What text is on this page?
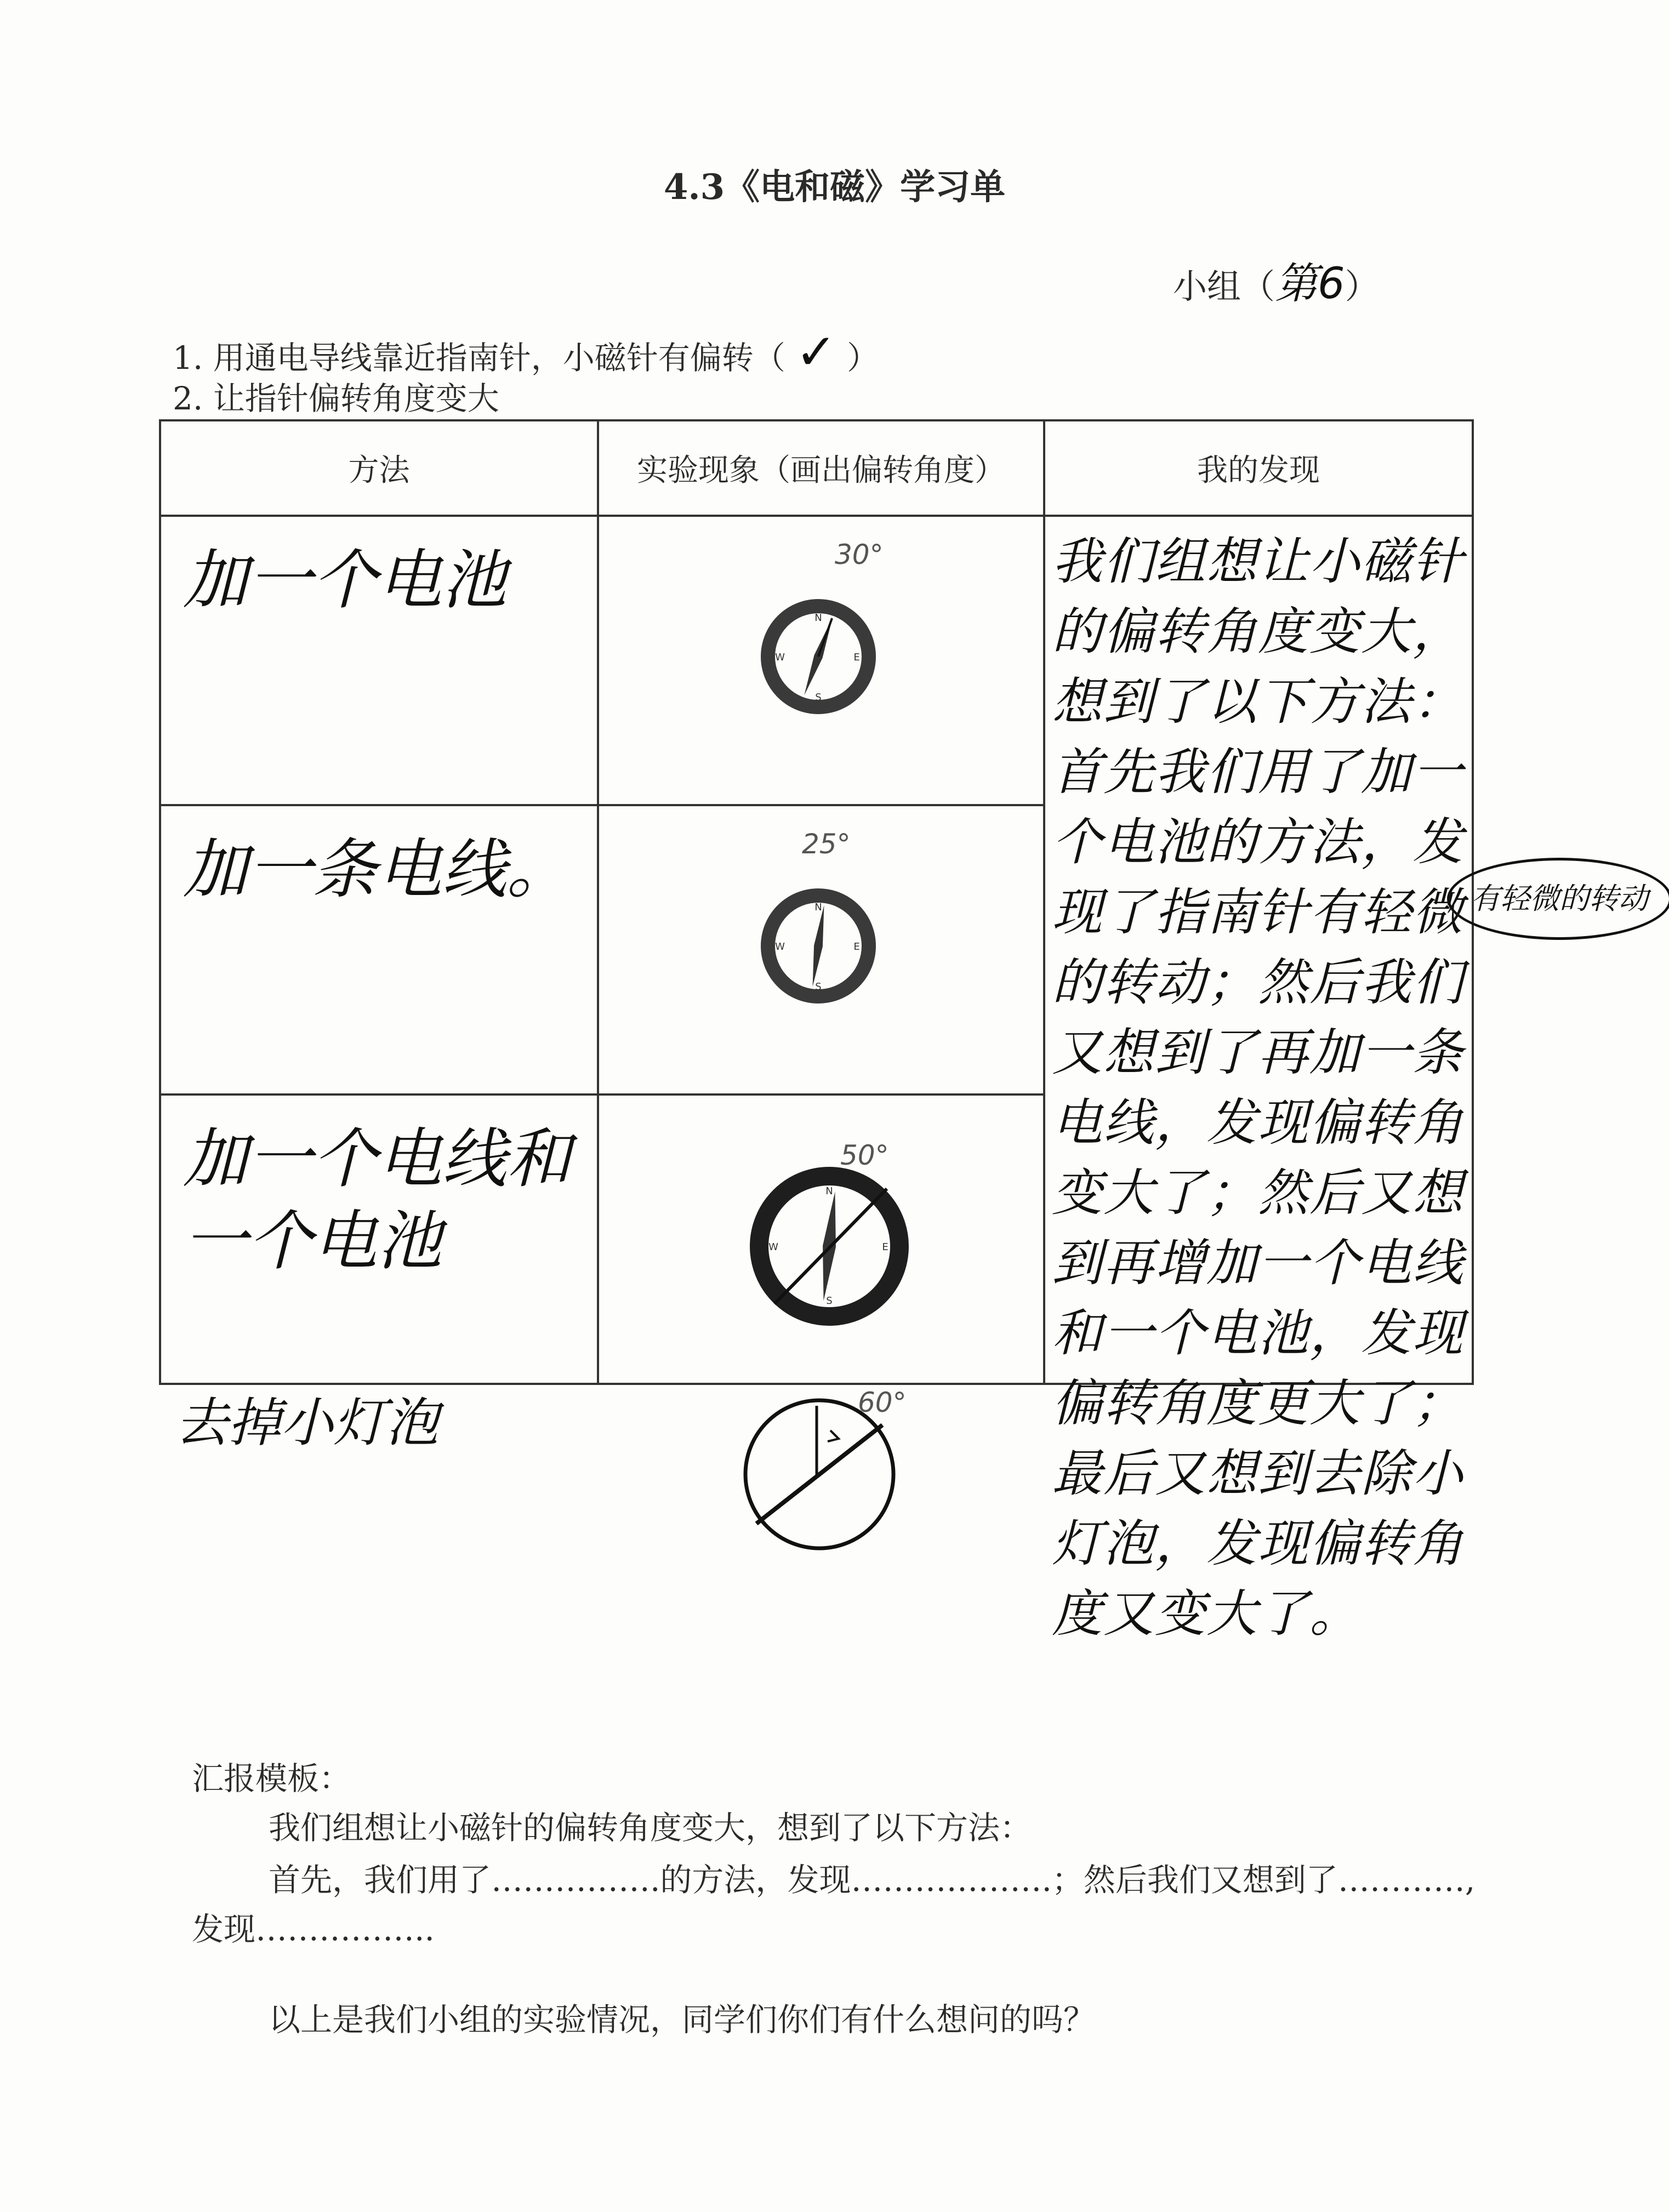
4.3《电和磁》学习单
小组（第6）
1. 用通电导线靠近指南针，小磁针有偏转（ ✓ ）
2. 让指针偏转角度变大
方法	实验现象（画出偏转角度）	我的发现

加一个电池	30°
N
S
W E	我们组想让小磁针的偏转角度变大，想到了以下方法：首先我们用了加一个电池的方法，发现了指南针有轻微的转动；然后我们又想到了再加一条电线，发现偏转角变大了；然后又想到再增加一个电线和一个电池，发现偏转角度更大了；最后又想到去除小灯泡，发现偏转角度又变大了。

加一条电线。	25°
N
S
W E	

加一个电线和一个电池	50°
N
S
W E	
有轻微的转动
去掉小灯泡	60°
汇报模板：
我们组想让小磁针的偏转角度变大，想到了以下方法：
首先，我们用了…………….的方法，发现……………….；然后我们又想到了…………,
发现……………..
以上是我们小组的实验情况，同学们你们有什么想问的吗？
